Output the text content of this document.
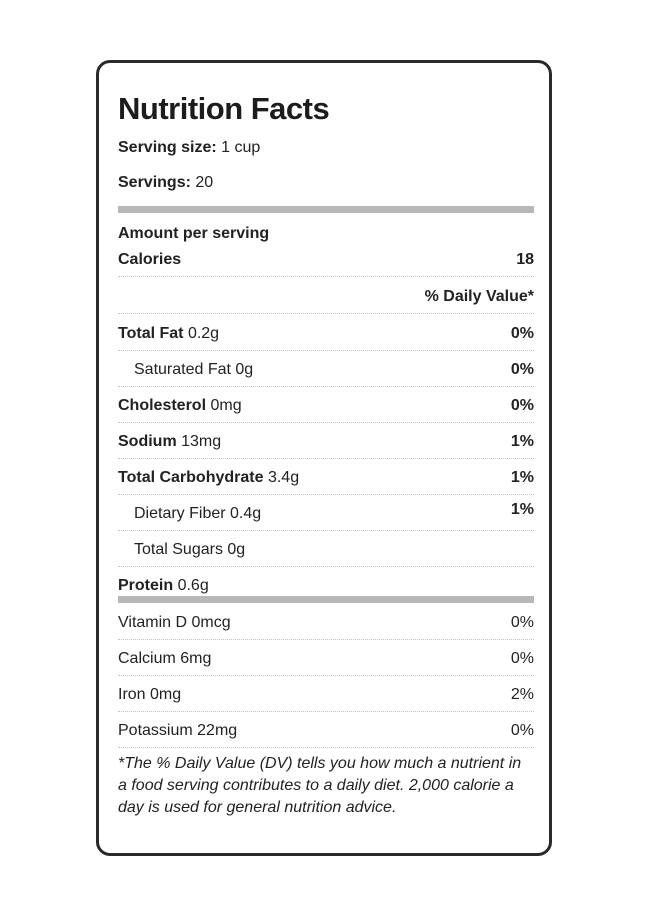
Nutrition Facts
Serving size: 1 cup
Servings: 20
Amount per serving
Calories	18
% Daily Value*
Total Fat 0.2g	0%
Saturated Fat 0g	0%
Cholesterol 0mg	0%
Sodium 13mg	1%
Total Carbohydrate 3.4g	1%
Dietary Fiber 0.4g	1%
Total Sugars 0g
Protein 0.6g
Vitamin D 0mcg	0%
Calcium 6mg	0%
Iron 0mg	2%
Potassium 22mg	0%
*The % Daily Value (DV) tells you how much a nutrient in a food serving contributes to a daily diet. 2,000 calorie a day is used for general nutrition advice.
